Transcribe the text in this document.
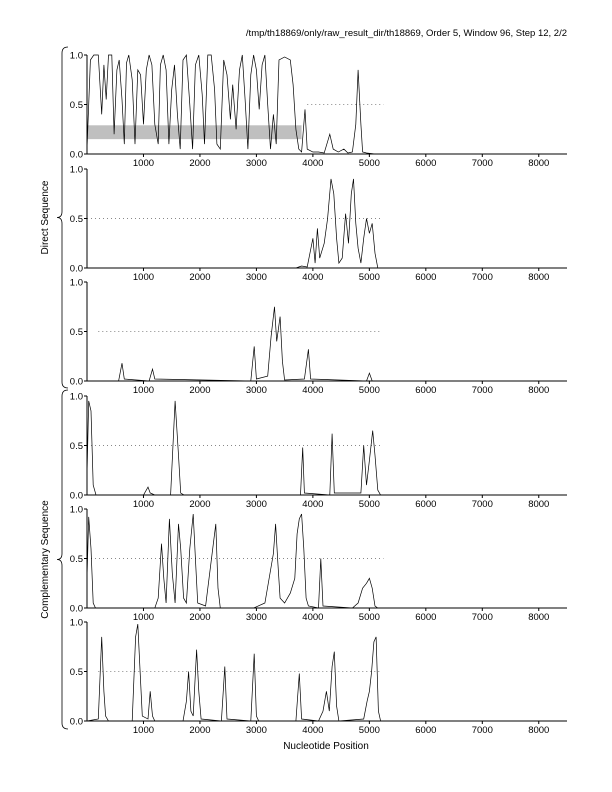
/tmp/th18869/only/raw_result_dir/th18869, Order 5, Window 96, Step 12, 2/2
0.0
0.5
1.0
1000	2000	3000	4000	5000	6000	7000	8000
0.0
0.5
1.0
1000	2000	3000	4000	5000	6000	7000	8000
0.0
0.5
1.0
1000	2000	3000	4000	5000	6000	7000	8000
0.0
0.5
1.0
1000	2000	3000	4000	5000	6000	7000	8000
0.0
0.5
1.0
1000	2000	3000	4000	5000	6000	7000	8000
0.0
0.5
1.0
1000	2000	3000	4000	5000	6000	7000	8000
Nucleotide Position
Direct Sequence
Complementary Sequence
